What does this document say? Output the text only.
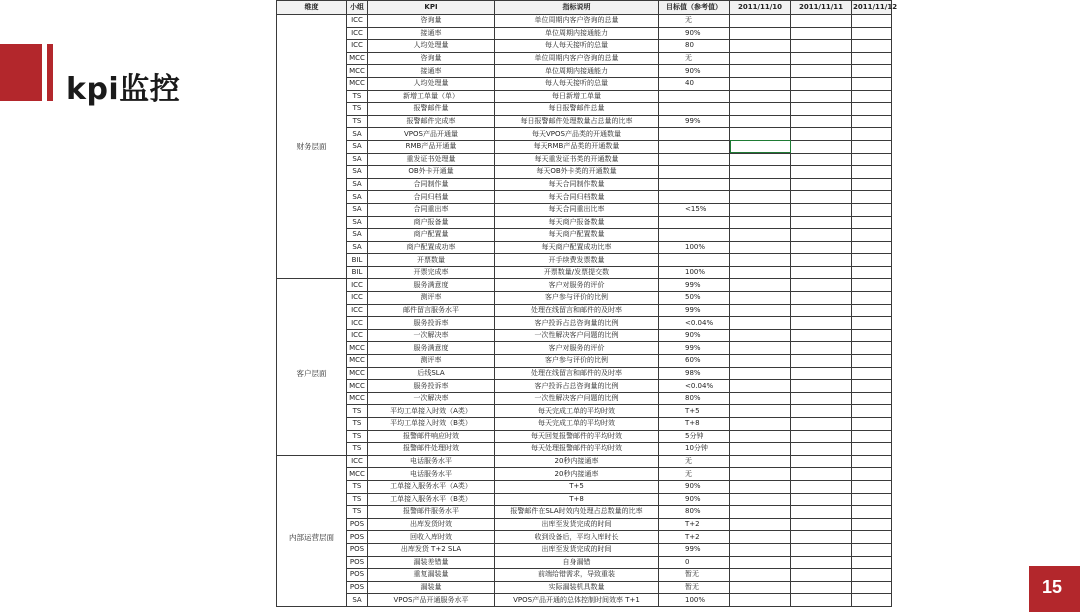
kpi监控
维度	小组	KPI	指标说明	目标值（参考值）	2011/11/10	2011/11/11	2011/11/12
	ICC	咨询量	单位周期内客户咨询的总量	无			
	ICC	接通率	单位周期内接通能力	90%			
	ICC	人均处理量	每人每天接听的总量	80			
	MCC	咨询量	单位周期内客户咨询的总量	无			
	MCC	接通率	单位周期内接通能力	90%			
	MCC	人均处理量	每人每天接听的总量	40			
	TS	新增工单量（单）	每日新增工单量				
	TS	报警邮件量	每日报警邮件总量				
	TS	报警邮件完成率	每日报警邮件处理数量占总量的比率	99%			
	SA	VPOS产品开通量	每天VPOS产品类的开通数量				
财务层面	SA	RMB产品开通量	每天RMB产品类的开通数量				
	SA	重发证书处理量	每天重发证书类的开通数量				
	SA	OB外卡开通量	每天OB外卡类的开通数量				
	SA	合同制作量	每天合同制作数量				
	SA	合同归档量	每天合同归档数量				
	SA	合同重出率	每天合同重出比率	<15%			
	SA	商户报备量	每天商户报备数量				
	SA	商户配置量	每天商户配置数量				
	SA	商户配置成功率	每天商户配置成功比率	100%			
	BIL	开票数量	开手续费发票数量				
	BIL	开票完成率	开票数量/发票提交数	100%			
	ICC	服务满意度	客户对服务的评价	99%			
	ICC	测评率	客户参与评价的比例	50%			
	ICC	邮件留言服务水平	处理在线留言和邮件的及时率	99%			
	ICC	服务投诉率	客户投诉占总咨询量的比例	<0.04%			
	ICC	一次解决率	一次性解决客户问题的比例	90%			
	MCC	服务满意度	客户对服务的评价	99%			
	MCC	测评率	客户参与评价的比例	60%			
客户层面	MCC	后线SLA	处理在线留言和邮件的及时率	98%			
	MCC	服务投诉率	客户投诉占总咨询量的比例	<0.04%			
	MCC	一次解决率	一次性解决客户问题的比例	80%			
	TS	平均工单接入时效（A类）	每天完成工单的平均时效	T+5			
	TS	平均工单接入时效（B类）	每天完成工单的平均时效	T+8			
	TS	报警邮件响应时效	每天回复报警邮件的平均时效	5分钟			
	TS	报警邮件处理时效	每天处理报警邮件的平均时效	10分钟			
	ICC	电话服务水平	20秒内接通率	无			
	MCC	电话服务水平	20秒内接通率	无			
	TS	工单接入服务水平（A类）	T+5	90%			
	TS	工单接入服务水平（B类）	T+8	90%			
	TS	报警邮件服务水平	报警邮件在SLA时效内处理占总数量的比率	80%			
	POS	出库发货时效	出库至发货完成的时间	T+2			
内部运营层面	POS	回收入库时效	收到设备后，平均入库时长	T+2			
	POS	出库发货 T+2 SLA	出库至发货完成的时间	99%			
	POS	漏装差错量	自身漏错	0			
	POS	重复漏装量	前端给错需求，导致重装	暂无			
	POS	漏装量	实际漏装机具数量	暂无			
	SA	VPOS产品开通服务水平	VPOS产品开通的总体控制时间效率 T+1	100%			
15
